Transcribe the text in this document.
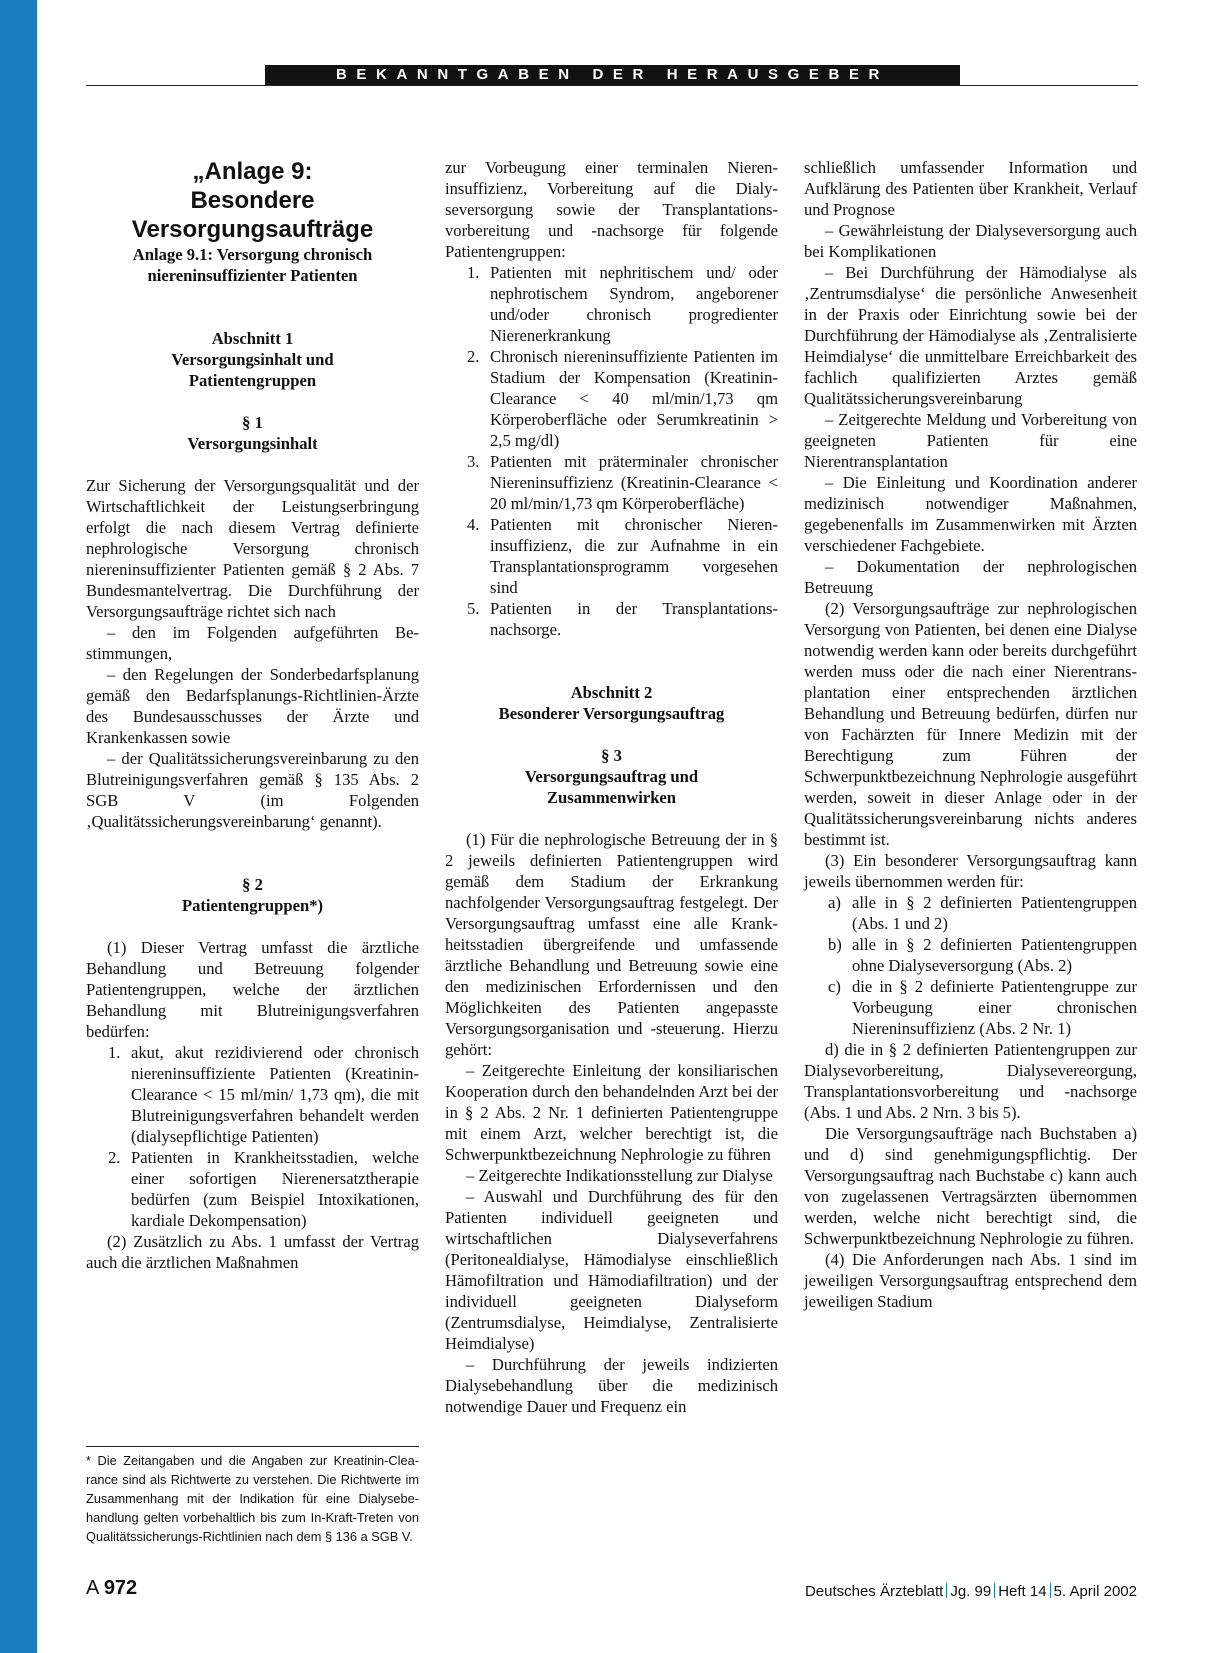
BEKANNTGABEN DER HERAUSGEBER

„Anlage 9:
Besondere
Versorgungsaufträge

Anlage 9.1: Versorgung chronisch
niereninsuffizienter Patienten

Abschnitt 1
Versorgungsinhalt und
Patientengruppen

§ 1
Versorgungsinhalt

Zur Sicherung der Versorgungsqualität und der Wirtschaftlichkeit der Leistungserbringung erfolgt die nach diesem Vertrag definierte nephrologische Versorgung chronisch niereninsuffizienter Patienten gemäß § 2 Abs. 7 Bundesmantelvertrag. Die Durchführung der Versorgungsaufträge richtet sich nach

– den im Folgenden aufgeführten Bestimmungen,

– den Regelungen der Sonderbedarfsplanung gemäß den Bedarfsplanungs-Richtlinien-Ärzte des Bundesausschusses der Ärzte und Krankenkassen sowie

– der Qualitätssicherungsvereinbarung zu den Blutreinigungsverfahren gemäß § 135 Abs. 2 SGB V (im Folgenden ‚Qualitätssicherungsvereinbarung‘ genannt).

§ 2
Patientengruppen*)

(1) Dieser Vertrag umfasst die ärztliche Behandlung und Betreuung folgender Patientengruppen, welche der ärztlichen Behandlung mit Blutreinigungsverfahren bedürfen:

1. akut, akut rezidivierend oder chronisch niereninsuffiziente Patienten (Kreatinin-Clearance < 15 ml/min/ 1,73 qm), die mit Blutreinigungsverfahren behandelt werden (dialysepflichtige Patienten)
2. Patienten in Krankheitsstadien, welche einer sofortigen Nierenersatztherapie bedürfen (zum Beispiel Intoxikationen, kardiale Dekompensation)

(2) Zusätzlich zu Abs. 1 umfasst der Vertrag auch die ärztlichen Maßnahmen

zur Vorbeugung einer terminalen Niereninsuffizienz, Vorbereitung auf die Dialyseversorgung sowie der Transplantationsvorbereitung und -nachsorge für folgende Patientengruppen:

1. Patienten mit nephritischem und/ oder nephrotischem Syndrom, angeborener und/oder chronisch progredienter Nierenerkrankung
2. Chronisch niereninsuffiziente Patienten im Stadium der Kompensation (Kreatinin-Clearance < 40 ml/min/1,73 qm Körperoberfläche oder Serumkreatinin > 2,5 mg/dl)
3. Patienten mit präterminaler chronischer Niereninsuffizienz (Kreatinin-Clearance < 20 ml/min/1,73 qm Körperoberfläche)
4. Patienten mit chronischer Niereninsuffizienz, die zur Aufnahme in ein Transplantationsprogramm vorgesehen sind
5. Patienten in der Transplantationsnachsorge.

Abschnitt 2
Besonderer Versorgungsauftrag

§ 3
Versorgungsauftrag und
Zusammenwirken

(1) Für die nephrologische Betreuung der in § 2 jeweils definierten Patientengruppen wird gemäß dem Stadium der Erkrankung nachfolgender Versorgungsauftrag festgelegt. Der Versorgungsauftrag umfasst eine alle Krankheitsstadien übergreifende und umfassende ärztliche Behandlung und Betreuung sowie eine den medizinischen Erfordernissen und den Möglichkeiten des Patienten angepasste Versorgungsorganisation und -steuerung. Hierzu gehört:

– Zeitgerechte Einleitung der konsiliarischen Kooperation durch den behandelnden Arzt bei der in § 2 Abs. 2 Nr. 1 definierten Patientengruppe mit einem Arzt, welcher berechtigt ist, die Schwerpunktbezeichnung Nephrologie zu führen

– Zeitgerechte Indikationsstellung zur Dialyse

– Auswahl und Durchführung des für den Patienten individuell geeigneten und wirtschaftlichen Dialyseverfahrens (Peritonealdialyse, Hämodialyse einschließlich Hämofiltration und Hämodiafiltration) und der individuell geeigneten Dialyseform (Zentrumsdialyse, Heimdialyse, Zentralisierte Heimdialyse)

– Durchführung der jeweils indizierten Dialysebehandlung über die medizinisch notwendige Dauer und Frequenz ein

schließlich umfassender Information und Aufklärung des Patienten über Krankheit, Verlauf und Prognose

– Gewährleistung der Dialyseversorgung auch bei Komplikationen

– Bei Durchführung der Hämodialyse als ‚Zentrumsdialyse‘ die persönliche Anwesenheit in der Praxis oder Einrichtung sowie bei der Durchführung der Hämodialyse als ‚Zentralisierte Heimdialyse‘ die unmittelbare Erreichbarkeit des fachlich qualifizierten Arztes gemäß Qualitätssicherungsvereinbarung

– Zeitgerechte Meldung und Vorbereitung von geeigneten Patienten für eine Nierentransplantation

– Die Einleitung und Koordination anderer medizinisch notwendiger Maßnahmen, gegebenenfalls im Zusammenwirken mit Ärzten verschiedener Fachgebiete.

– Dokumentation der nephrologischen Betreuung

(2) Versorgungsaufträge zur nephrologischen Versorgung von Patienten, bei denen eine Dialyse notwendig werden kann oder bereits durchgeführt werden muss oder die nach einer Nierentransplantation einer entsprechenden ärztlichen Behandlung und Betreuung bedürfen, dürfen nur von Fachärzten für Innere Medizin mit der Berechtigung zum Führen der Schwerpunktbezeichnung Nephrologie ausgeführt werden, soweit in dieser Anlage oder in der Qualitätssicherungsvereinbarung nichts anderes bestimmt ist.

(3) Ein besonderer Versorgungsauftrag kann jeweils übernommen werden für:

a) alle in § 2 definierten Patientengruppen (Abs. 1 und 2)
b) alle in § 2 definierten Patientengruppen ohne Dialyseversorgung (Abs. 2)
c) die in § 2 definierte Patientengruppe zur Vorbeugung einer chronischen Niereninsuffizienz (Abs. 2 Nr. 1)

d) die in § 2 definierten Patientengruppen zur Dialysevorbereitung, Dialysevereorgung, Transplantationsvorbereitung und -nachsorge (Abs. 1 und Abs. 2 Nrn. 3 bis 5).

Die Versorgungsaufträge nach Buchstaben a) und d) sind genehmigungspflichtig. Der Versorgungsauftrag nach Buchstabe c) kann auch von zugelassenen Vertragsärzten übernommen werden, welche nicht berechtigt sind, die Schwerpunktbezeichnung Nephrologie zu führen.

(4) Die Anforderungen nach Abs. 1 sind im jeweiligen Versorgungsauftrag entsprechend dem jeweiligen Stadium

* Die Zeitangaben und die Angaben zur Kreatinin-Clearance sind als Richtwerte zu verstehen. Die Richtwerte im Zusammenhang mit der Indikation für eine Dialysebehandlung gelten vorbehaltlich bis zum In-Kraft-Treten von Qualitätssicherungs-Richtlinien nach dem § 136 a SGB V.
A 972	Deutsches Ärzteblatt Jg. 99 Heft 14 5. April 2002
